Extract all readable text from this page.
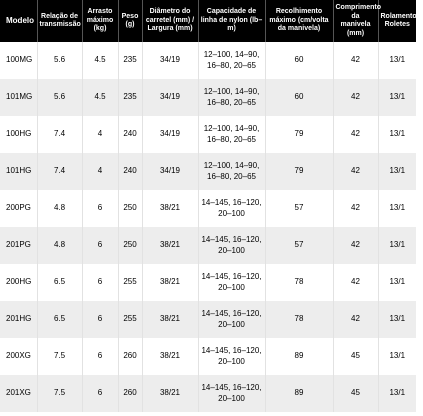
Modelo	Relação de transmissão	Arrasto máximo (kg)	Peso (g)	Diâmetro do carretel (mm) / Largura (mm)	Capacidade de linha de nylon (lb–m)	Recolhimento máximo (cm/volta da manivela)	Comprimento da manivela (mm)	Rolamentos/ Roletes
100MG	5.6	4.5	235	34/19	12–100, 14–90,
16–80, 20–65	60	42	13/1
101MG	5.6	4.5	235	34/19	12–100, 14–90,
16–80, 20–65	60	42	13/1
100HG	7.4	4	240	34/19	12–100, 14–90,
16–80, 20–65	79	42	13/1
101HG	7.4	4	240	34/19	12–100, 14–90,
16–80, 20–65	79	42	13/1
200PG	4.8	6	250	38/21	14–145, 16–120,
20–100	57	42	13/1
201PG	4.8	6	250	38/21	14–145, 16–120,
20–100	57	42	13/1
200HG	6.5	6	255	38/21	14–145, 16–120,
20–100	78	42	13/1
201HG	6.5	6	255	38/21	14–145, 16–120,
20–100	78	42	13/1
200XG	7.5	6	260	38/21	14–145, 16–120,
20–100	89	45	13/1
201XG	7.5	6	260	38/21	14–145, 16–120,
20–100	89	45	13/1
